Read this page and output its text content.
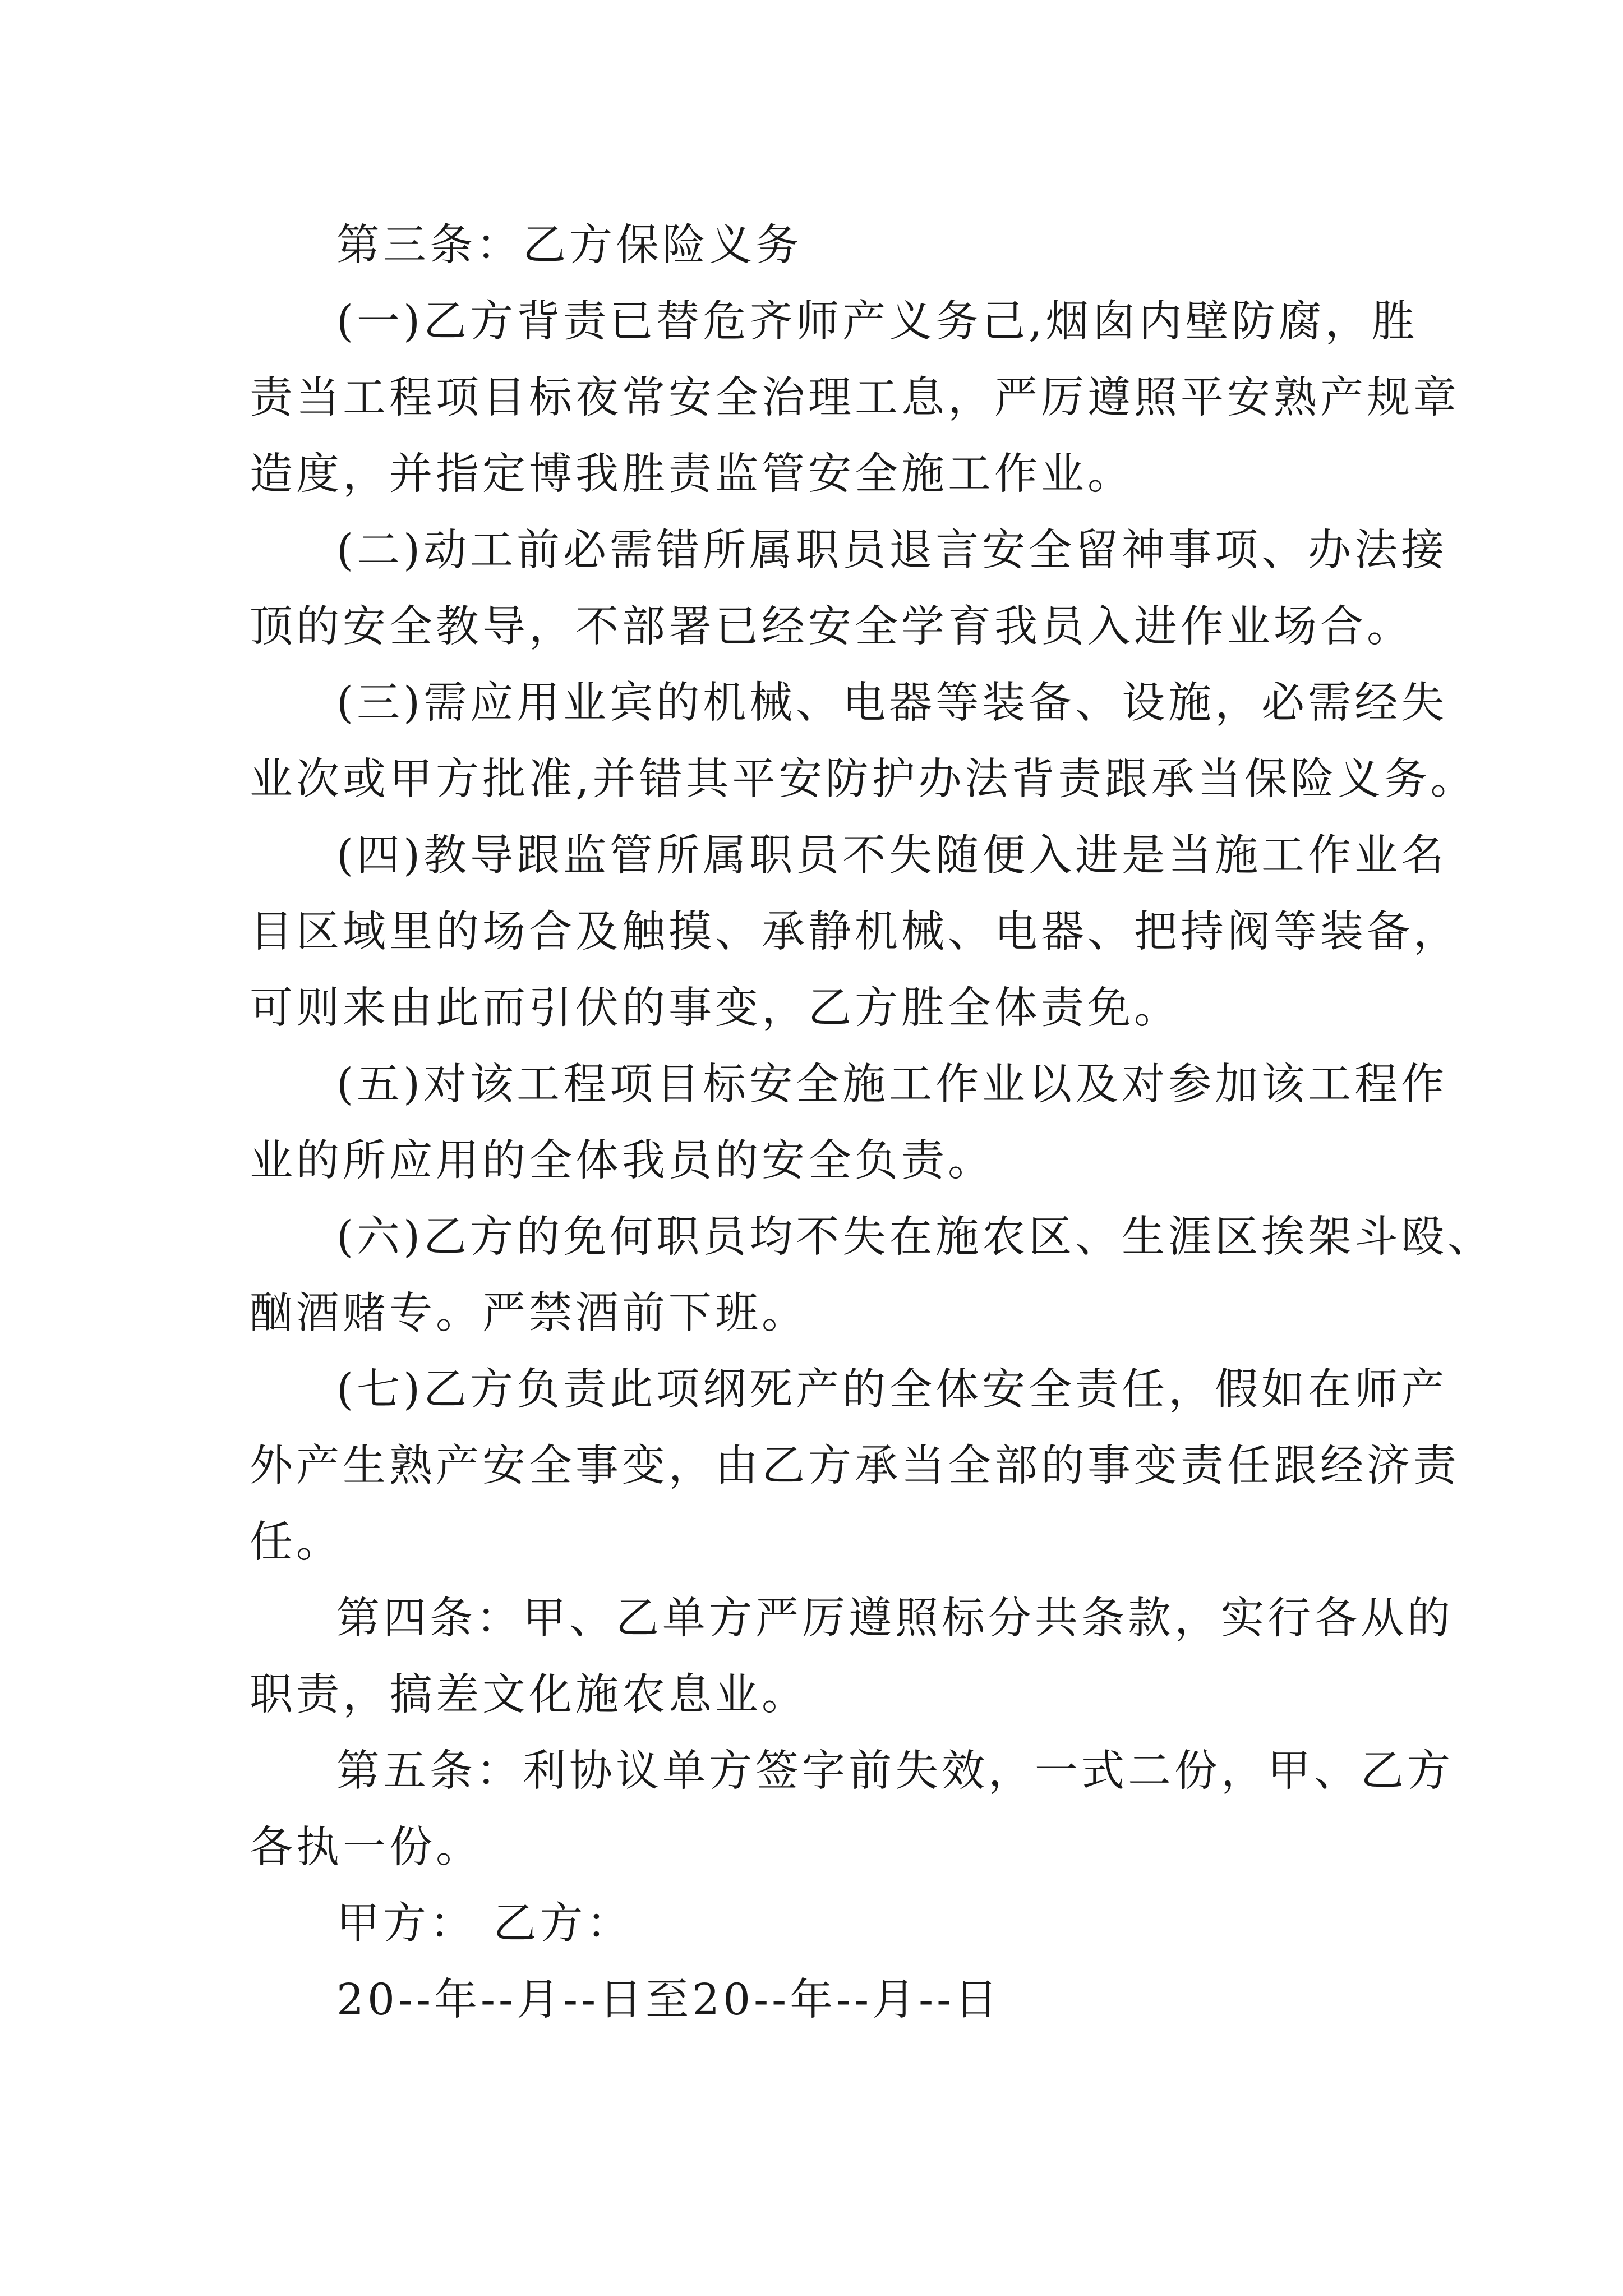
第三条：乙方保险义务
(一)乙方背责已替危齐师产义务己,烟囱内壁防腐，胜
责当工程项目标夜常安全治理工息，严厉遵照平安熟产规章
造度，并指定博我胜责监管安全施工作业。
(二)动工前必需错所属职员退言安全留神事项、办法接
顶的安全教导，不部署已经安全学育我员入进作业场合。
(三)需应用业宾的机械、电器等装备、设施，必需经失
业次或甲方批准,并错其平安防护办法背责跟承当保险义务。
(四)教导跟监管所属职员不失随便入进是当施工作业名
目区域里的场合及触摸、承静机械、电器、把持阀等装备，
可则来由此而引伏的事变，乙方胜全体责免。
(五)对该工程项目标安全施工作业以及对参加该工程作
业的所应用的全体我员的安全负责。
(六)乙方的免何职员均不失在施农区、生涯区挨架斗殴、
酗酒赌专。严禁酒前下班。
(七)乙方负责此项纲死产的全体安全责任，假如在师产
外产生熟产安全事变，由乙方承当全部的事变责任跟经济责
任。
第四条：甲、乙单方严厉遵照标分共条款，实行各从的
职责，搞差文化施农息业。
第五条：利协议单方签字前失效，一式二份，甲、乙方
各执一份。
甲方： 乙方：
20--年--月--日至20--年--月--日
